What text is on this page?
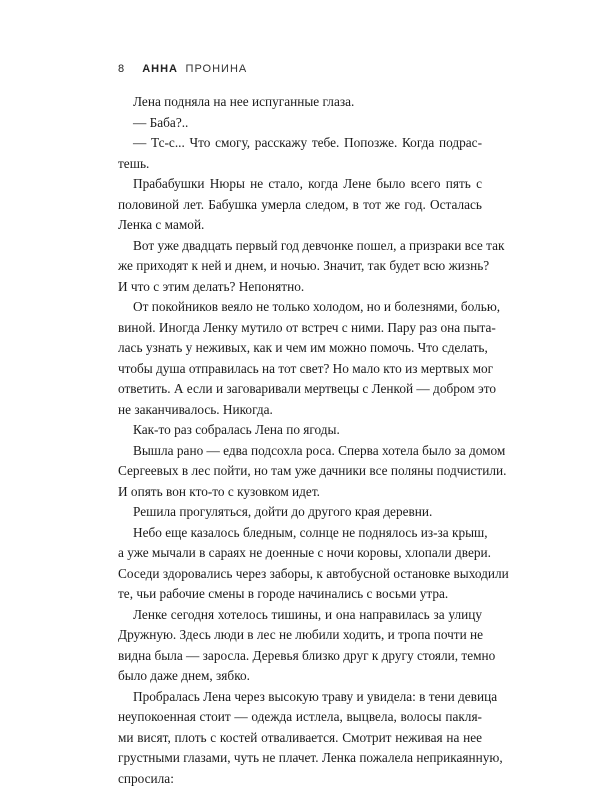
8 АННА ПРОНИНА
Лена подняла на нее испуганные глаза.
— Баба?..
— Тс-с... Что смогу, расскажу тебе. Попозже. Когда подрас-
тешь.
Прабабушки Нюры не стало, когда Лене было всего пять с
половиной лет. Бабушка умерла следом, в тот же год. Осталась
Ленка с мамой.
Вот уже двадцать первый год девчонке пошел, а призраки все так
же приходят к ней и днем, и ночью. Значит, так будет всю жизнь?
И что с этим делать? Непонятно.
От покойников веяло не только холодом, но и болезнями, болью,
виной. Иногда Ленку мутило от встреч с ними. Пару раз она пыта-
лась узнать у неживых, как и чем им можно помочь. Что сделать,
чтобы душа отправилась на тот свет? Но мало кто из мертвых мог
ответить. А если и заговаривали мертвецы с Ленкой — добром это
не заканчивалось. Никогда.
Как-то раз собралась Лена по ягоды.
Вышла рано — едва подсохла роса. Сперва хотела было за домом
Сергеевых в лес пойти, но там уже дачники все поляны подчистили.
И опять вон кто-то с кузовком идет.
Решила прогуляться, дойти до другого края деревни.
Небо еще казалось бледным, солнце не поднялось из-за крыш,
а уже мычали в сараях не доенные с ночи коровы, хлопали двери.
Соседи здоровались через заборы, к автобусной остановке выходили
те, чьи рабочие смены в городе начинались с восьми утра.
Ленке сегодня хотелось тишины, и она направилась за улицу
Дружную. Здесь люди в лес не любили ходить, и тропа почти не
видна была — заросла. Деревья близко друг к другу стояли, темно
было даже днем, зябко.
Пробралась Лена через высокую траву и увидела: в тени девица
неупокоенная стоит — одежда истлела, выцвела, волосы пакля-
ми висят, плоть с костей отваливается. Смотрит неживая на нее
грустными глазами, чуть не плачет. Ленка пожалела неприкаянную,
спросила:
